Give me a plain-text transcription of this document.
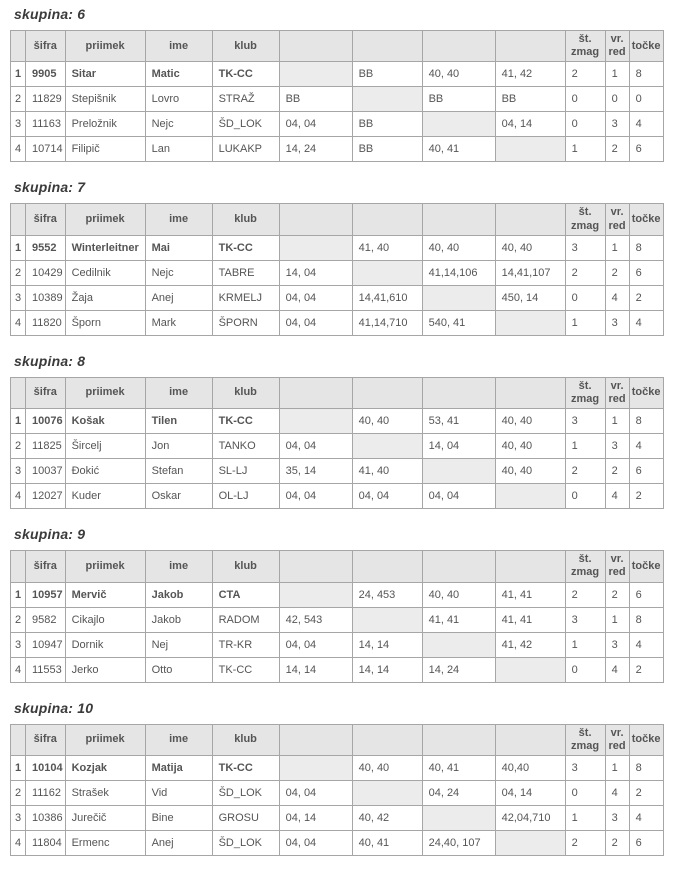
skupina: 6
	šifra	priimek	ime	klub					št. zmag	vr. red	točke
1	9905	Sitar	Matic	TK-CC		BB	40, 40	41, 42	2	1	8
2	11829	Stepišnik	Lovro	STRAŽ	BB		BB	BB	0	0	0
3	11163	Preložnik	Nejc	ŠD_LOK	04, 04	BB		04, 14	0	3	4
4	10714	Filipič	Lan	LUKAKP	14, 24	BB	40, 41		1	2	6
skupina: 7
	šifra	priimek	ime	klub					št. zmag	vr. red	točke
1	9552	Winterleitner	Mai	TK-CC		41, 40	40, 40	40, 40	3	1	8
2	10429	Cedilnik	Nejc	TABRE	14, 04		41,14,106	14,41,107	2	2	6
3	10389	Žaja	Anej	KRMELJ	04, 04	14,41,610		450, 14	0	4	2
4	11820	Šporn	Mark	ŠPORN	04, 04	41,14,710	540, 41		1	3	4
skupina: 8
	šifra	priimek	ime	klub					št. zmag	vr. red	točke
1	10076	Košak	Tilen	TK-CC		40, 40	53, 41	40, 40	3	1	8
2	11825	Šircelj	Jon	TANKO	04, 04		14, 04	40, 40	1	3	4
3	10037	Đokić	Stefan	SL-LJ	35, 14	41, 40		40, 40	2	2	6
4	12027	Kuder	Oskar	OL-LJ	04, 04	04, 04	04, 04		0	4	2
skupina: 9
	šifra	priimek	ime	klub					št. zmag	vr. red	točke
1	10957	Mervič	Jakob	CTA		24, 453	40, 40	41, 41	2	2	6
2	9582	Cikajlo	Jakob	RADOM	42, 543		41, 41	41, 41	3	1	8
3	10947	Dornik	Nej	TR-KR	04, 04	14, 14		41, 42	1	3	4
4	11553	Jerko	Otto	TK-CC	14, 14	14, 14	14, 24		0	4	2
skupina: 10
	šifra	priimek	ime	klub					št. zmag	vr. red	točke
1	10104	Kozjak	Matija	TK-CC		40, 40	40, 41	40,40	3	1	8
2	11162	Strašek	Vid	ŠD_LOK	04, 04		04, 24	04, 14	0	4	2
3	10386	Jurečič	Bine	GROSU	04, 14	40, 42		42,04,710	1	3	4
4	11804	Ermenc	Anej	ŠD_LOK	04, 04	40, 41	24,40, 107		2	2	6
